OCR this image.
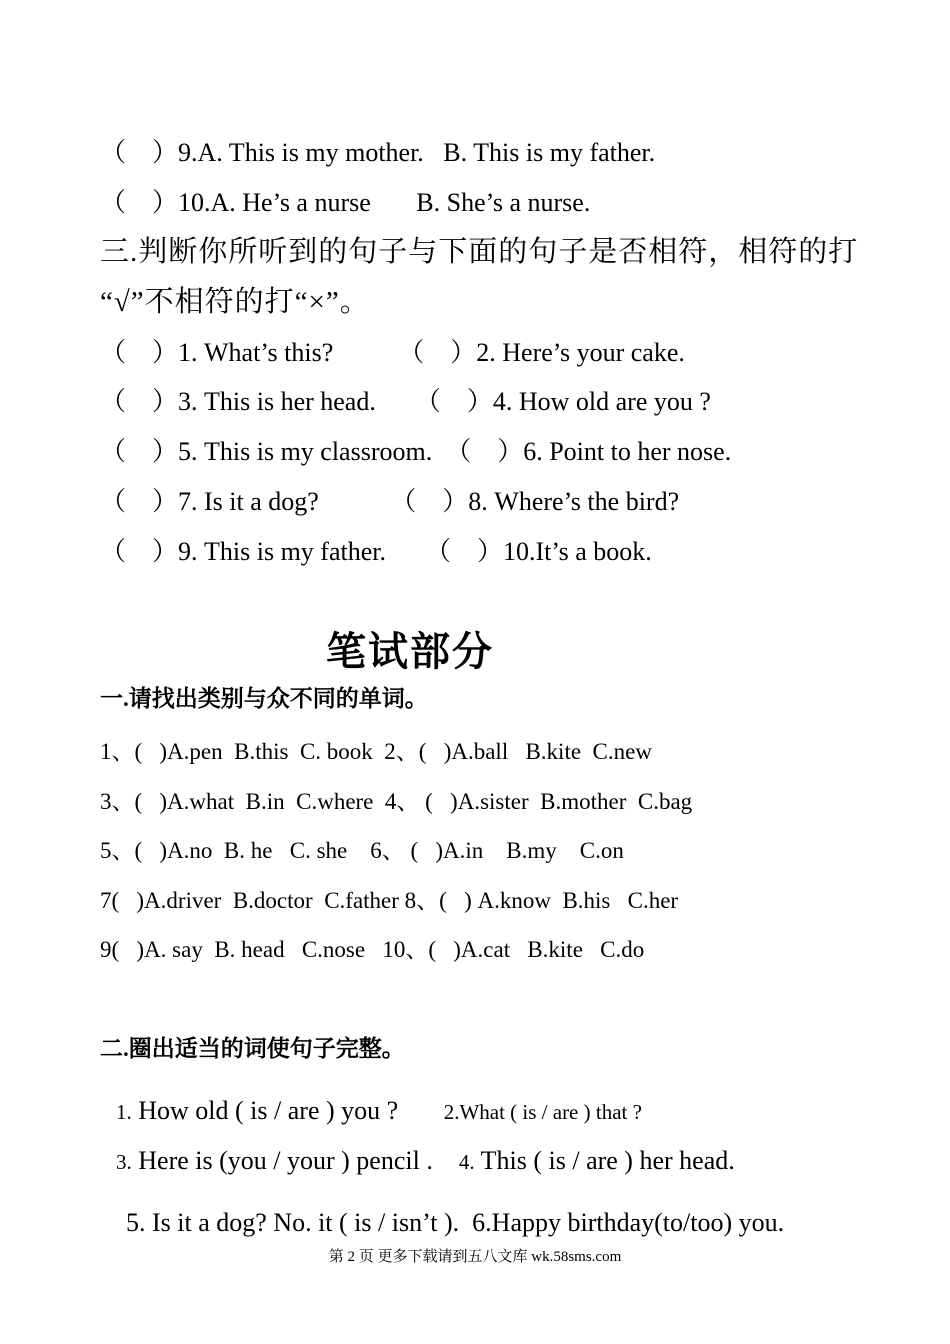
（　）9.A. This is my mother.   B. This is my father.
（　）10.A. He’s a nurse       B. She’s a nurse.
三.判断你所听到的句子与下面的句子是否相符，相符的打
“√”不相符的打“×”。
（　）1. What’s this?          （　）2. Here’s your cake.
（　）3. This is her head.      （　）4. How old are you ?
（　）5. This is my classroom.  （　）6. Point to her nose.
（　）7. Is it a dog?           （　）8. Where’s the bird?
（　）9. This is my father.      （　）10.It’s a book.
笔试部分
一.请找出类别与众不同的单词。
1、(   )A.pen  B.this  C. book  2、(   )A.ball   B.kite  C.new
3、(   )A.what  B.in  C.where  4、 (   )A.sister  B.mother  C.bag
5、(   )A.no  B. he   C. she    6、 (   )A.in    B.my    C.on
7(   )A.driver  B.doctor  C.father 8、(   ) A.know  B.his   C.her
9(   )A. say  B. head   C.nose   10、(   )A.cat   B.kite   C.do
二.圈出适当的词使句子完整。

1. How old ( is / are ) you ? 2.What ( is / are ) that ?

3. Here is (you / your ) pencil . 4. This ( is / are ) her head.

5. Is it a dog? No. it ( is / isn’t ).  6.Happy birthday(to/too) you.

第 2 页 更多下载请到五八文库 wk.58sms.com
